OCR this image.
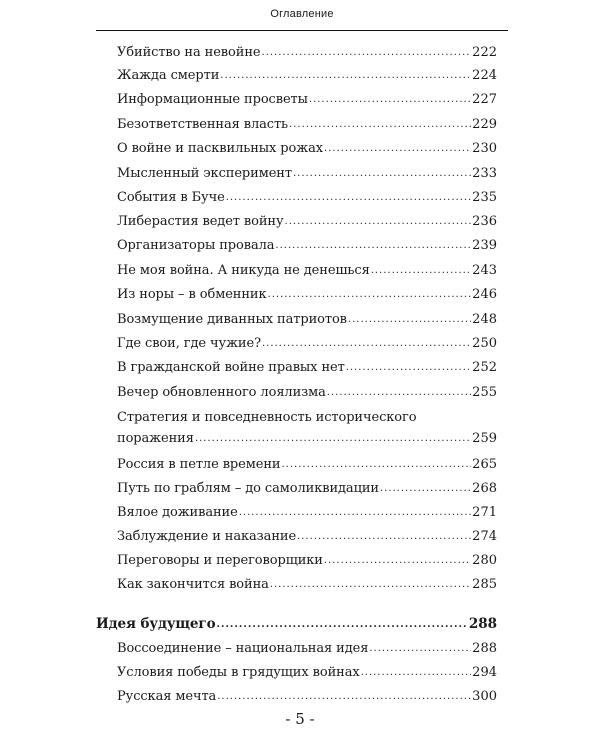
Оглавление
Убийство на невойне .....	222
Жажда смерти .....	224
Информационные просветы .....	227
Безответственная власть .....	229
О войне и пасквильных рожах .....	230
Мысленный эксперимент .....	233
События в Буче .....	235
Либерастия ведет войну .....	236
Организаторы провала .....	239
Не моя война. А никуда не денешься .....	243
Из норы – в обменник .....	246
Возмущение диванных патриотов .....	248
Где свои, где чужие? .....	250
В гражданской войне правых нет .....	252
Вечер обновленного лоялизма .....	255
Стратегия и повседневность исторического
поражения .....	259
Россия в петле времени .....	265
Путь по граблям – до самоликвидации .....	268
Вялое доживание .....	271
Заблуждение и наказание .....	274
Переговоры и переговорщики .....	280
Как закончится война .....	285
Идея будущего .....	288
Воссоединение – национальная идея .....	288
Условия победы в грядущих войнах .....	294
Русская мечта .....	300
- 5 -
